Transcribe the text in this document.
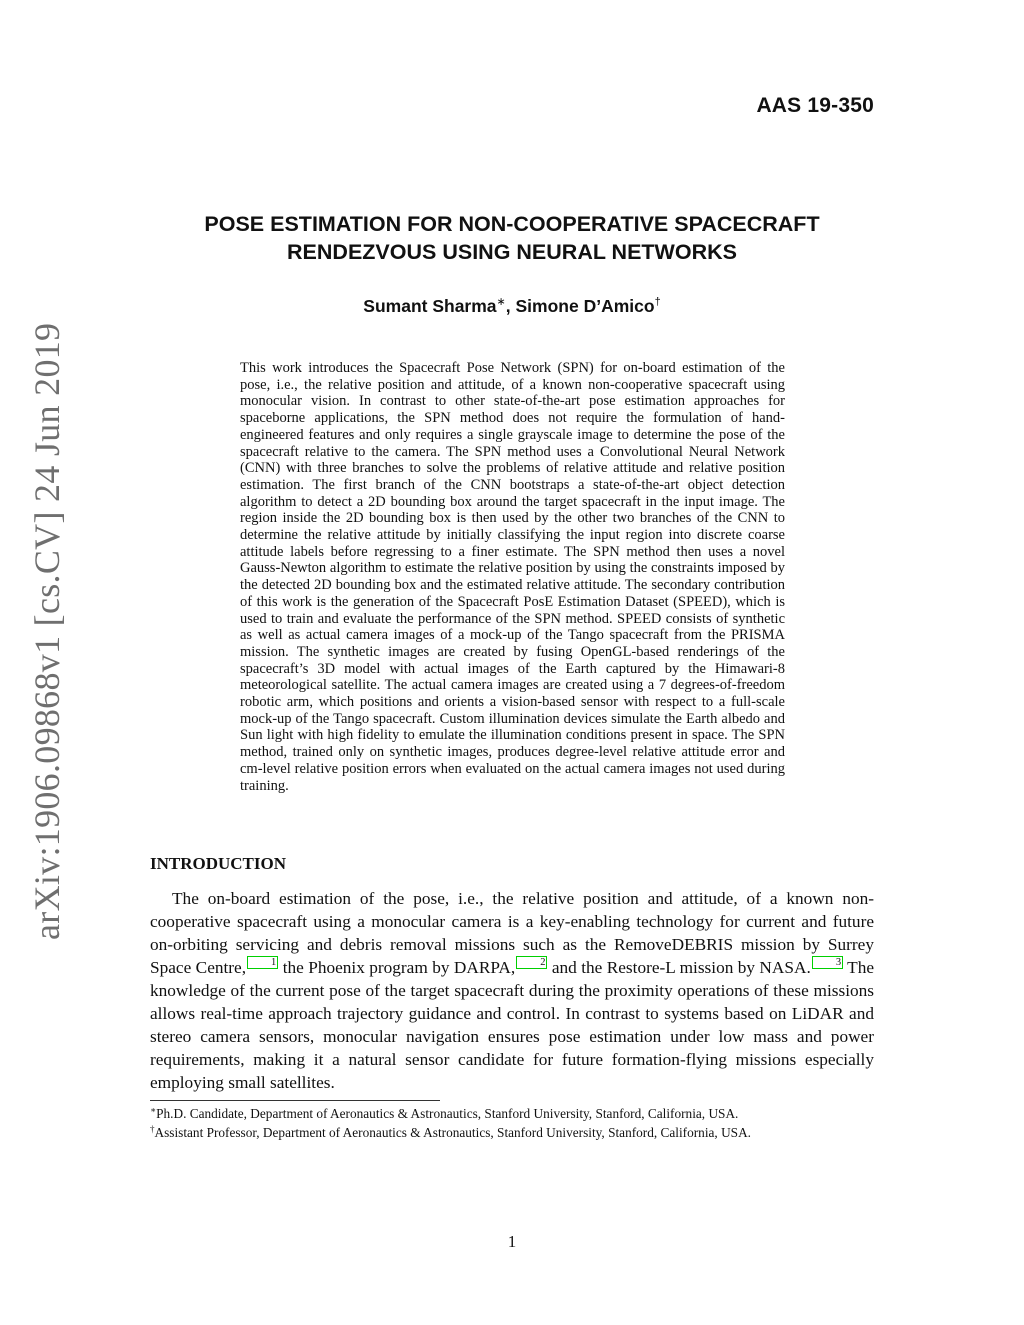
AAS 19-350
POSE ESTIMATION FOR NON-COOPERATIVE SPACECRAFT
RENDEZVOUS USING NEURAL NETWORKS
Sumant Sharma∗, Simone D’Amico†
arXiv:1906.09868v1 [cs.CV] 24 Jun 2019	This work introduces the Spacecraft Pose Network (SPN) for on-board estimation of the pose, i.e., the relative position and attitude, of a known non-cooperative spacecraft using monocular vision. In contrast to other state-of-the-art pose estimation approaches for spaceborne applications, the SPN method does not require the formulation of hand-engineered features and only requires a single grayscale image to determine the pose of the spacecraft relative to the camera. The SPN method uses a Convolutional Neural Network (CNN) with three branches to solve the problems of relative attitude and relative position estimation. The first branch of the CNN bootstraps a state-of-the-art object detection algorithm to detect a 2D bounding box around the target spacecraft in the input image. The region inside the 2D bounding box is then used by the other two branches of the CNN to determine the relative attitude by initially classifying the input region into discrete coarse attitude labels before regressing to a finer estimate. The SPN method then uses a novel Gauss-Newton algorithm to estimate the relative position by using the constraints imposed by the detected 2D bounding box and the estimated relative attitude. The secondary contribution of this work is the generation of the Spacecraft PosE Estimation Dataset (SPEED), which is used to train and evaluate the performance of the SPN method. SPEED consists of synthetic as well as actual camera images of a mock-up of the Tango spacecraft from the PRISMA mission. The synthetic images are created by fusing OpenGL-based renderings of the spacecraft’s 3D model with actual images of the Earth captured by the Himawari-8 meteorological satellite. The actual camera images are created using a 7 degrees-of-freedom robotic arm, which positions and orients a vision-based sensor with respect to a full-scale mock-up of the Tango spacecraft. Custom illumination devices simulate the Earth albedo and Sun light with high fidelity to emulate the illumination conditions present in space. The SPN method, trained only on synthetic images, produces degree-level relative attitude error and cm-level relative position errors when evaluated on the actual camera images not used during training.

INTRODUCTION

The on-board estimation of the pose, i.e., the relative position and attitude, of a known non-cooperative spacecraft using a monocular camera is a key-enabling technology for current and future on-orbiting servicing and debris removal missions such as the RemoveDEBRIS mission by Surrey Space Centre, 1 the Phoenix program by DARPA, 2 and the Restore-L mission by NASA. 3 The knowledge of the current pose of the target spacecraft during the proximity operations of these missions allows real-time approach trajectory guidance and control. In contrast to systems based on LiDAR and stereo camera sensors, monocular navigation ensures pose estimation under low mass and power requirements, making it a natural sensor candidate for future formation-flying missions especially employing small satellites.

∗Ph.D. Candidate, Department of Aeronautics & Astronautics, Stanford University, Stanford, California, USA.

†Assistant Professor, Department of Aeronautics & Astronautics, Stanford University, Stanford, California, USA.

1
